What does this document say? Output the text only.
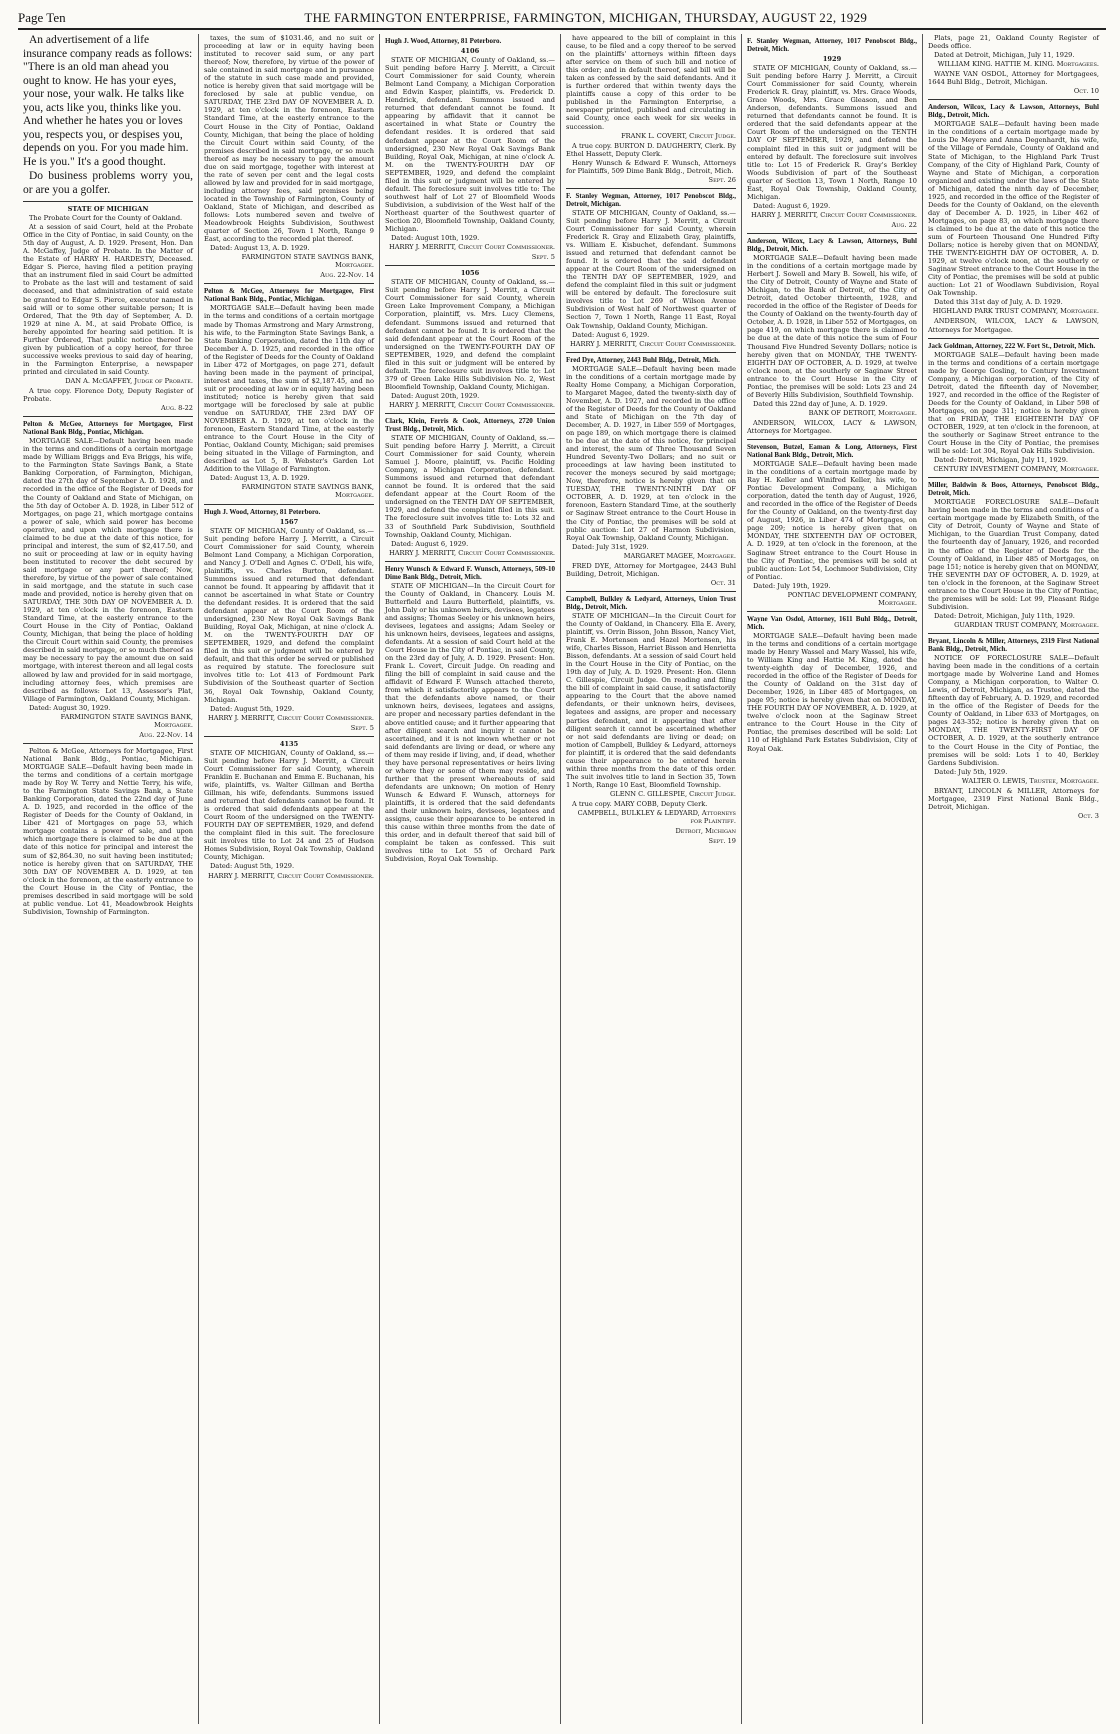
Page Ten	THE FARMINGTON ENTERPRISE, FARMINGTON, MICHIGAN, THURSDAY, AUGUST 22, 1929

An advertisement of a life insurance company reads as follows: "There is an old man ahead you ought to know. He has your eyes, your nose, your walk. He talks like you, acts like you, thinks like you. And whether he hates you or loves you, respects you, or despises you, depends on you. For you made him. He is you." It's a good thought.

Do business problems worry you, or are you a golfer.

STATE OF MICHIGAN

The Probate Court for the County of Oakland.

At a session of said Court, held at the Probate Office in the City of Pontiac, in said County, on the 5th day of August, A. D. 1929. Present, Hon. Dan A. McGaffey, Judge of Probate. In the Matter of the Estate of HARRY H. HARDESTY, Deceased. Edgar S. Pierce, having filed a petition praying that an instrument filed in said Court be admitted to Probate as the last will and testament of said deceased, and that administration of said estate be granted to Edgar S. Pierce, executor named in said will or to some other suitable person; It is Ordered, That the 9th day of September, A. D. 1929 at nine A. M., at said Probate Office, is hereby appointed for hearing said petition. It is Further Ordered, That public notice thereof be given by publication of a copy hereof, for three successive weeks previous to said day of hearing, in the Farmington Enterprise, a newspaper printed and circulated in said County.

DAN A. McGAFFEY, Judge of Probate.

A true copy. Florence Doty, Deputy Register of Probate.

Aug. 8-22
Pelton & McGee, Attorneys for Mortgagee, First National Bank Bldg., Pontiac, Michigan.

MORTGAGE SALE—Default having been made in the terms and conditions of a certain mortgage made by William Briggs and Eva Briggs, his wife, to the Farmington State Savings Bank, a State Banking Corporation, of Farmington, Michigan, dated the 27th day of September A. D. 1928, and recorded in the office of the Register of Deeds for the County of Oakland and State of Michigan, on the 5th day of October A. D. 1928, in Liber 512 of Mortgages, on page 21, which mortgage contains a power of sale, which said power has become operative, and upon which mortgage there is claimed to be due at the date of this notice, for principal and interest, the sum of $2,417.50, and no suit or proceeding at law or in equity having been instituted to recover the debt secured by said mortgage or any part thereof; Now, therefore, by virtue of the power of sale contained in said mortgage, and the statute in such case made and provided, notice is hereby given that on SATURDAY, THE 30th DAY OF NOVEMBER A. D. 1929, at ten o'clock in the forenoon, Eastern Standard Time, at the easterly entrance to the Court House in the City of Pontiac, Oakland County, Michigan, that being the place of holding the Circuit Court within said County, the premises described in said mortgage, or so much thereof as may be necessary to pay the amount due on said mortgage, with interest thereon and all legal costs allowed by law and provided for in said mortgage, including attorney fees, which premises are described as follows: Lot 13, Assessor's Plat, Village of Farmington, Oakland County, Michigan.

Dated: August 30, 1929.

FARMINGTON STATE SAVINGS BANK, Mortgagee.
Aug. 22-Nov. 14

Pelton & McGee, Attorneys for Mortgagee, First National Bank Bldg., Pontiac, Michigan. MORTGAGE SALE—Default having been made in the terms and conditions of a certain mortgage made by Roy W. Terry and Nettie Terry, his wife, to the Farmington State Savings Bank, a State Banking Corporation, dated the 22nd day of June A. D. 1925, and recorded in the office of the Register of Deeds for the County of Oakland, in Liber 421 of Mortgages on page 53, which mortgage contains a power of sale, and upon which mortgage there is claimed to be due at the date of this notice for principal and interest the sum of $2,864.30, no suit having been instituted; notice is hereby given that on SATURDAY, THE 30th DAY OF NOVEMBER A. D. 1929, at ten o'clock in the forenoon, at the easterly entrance to the Court House in the City of Pontiac, the premises described in said mortgage will be sold at public vendue. Lot 41, Meadowbrook Heights Subdivision, Township of Farmington.

taxes, the sum of $1031.46, and no suit or proceeding at law or in equity having been instituted to recover said sum, or any part thereof; Now, therefore, by virtue of the power of sale contained in said mortgage and in pursuance of the statute in such case made and provided, notice is hereby given that said mortgage will be foreclosed by sale at public vendue, on SATURDAY, THE 23rd DAY OF NOVEMBER A. D. 1929, at ten o'clock in the forenoon, Eastern Standard Time, at the easterly entrance to the Court House in the City of Pontiac, Oakland County, Michigan, that being the place of holding the Circuit Court within said County, of the premises described in said mortgage, or so much thereof as may be necessary to pay the amount due on said mortgage, together with interest at the rate of seven per cent and the legal costs allowed by law and provided for in said mortgage, including attorney fees, said premises being located in the Township of Farmington, County of Oakland, State of Michigan, and described as follows: Lots numbered seven and twelve of Meadowbrook Heights Subdivision, Southwest quarter of Section 26, Town 1 North, Range 9 East, according to the recorded plat thereof.

Dated: August 13, A. D. 1929.

FARMINGTON STATE SAVINGS BANK, Mortgagee.
Aug. 22-Nov. 14
Pelton & McGee, Attorneys for Mortgagee, First National Bank Bldg., Pontiac, Michigan.

MORTGAGE SALE—Default having been made in the terms and conditions of a certain mortgage made by Thomas Armstrong and Mary Armstrong, his wife, to the Farmington State Savings Bank, a State Banking Corporation, dated the 11th day of December A. D. 1925, and recorded in the office of the Register of Deeds for the County of Oakland in Liber 472 of Mortgages, on page 271, default having been made in the payment of principal, interest and taxes, the sum of $2,187.45, and no suit or proceeding at law or in equity having been instituted; notice is hereby given that said mortgage will be foreclosed by sale at public vendue on SATURDAY, THE 23rd DAY OF NOVEMBER A. D. 1929, at ten o'clock in the forenoon, Eastern Standard Time, at the easterly entrance to the Court House in the City of Pontiac, Oakland County, Michigan; said premises being situated in the Village of Farmington, and described as Lot 5, B. Webster's Garden Lot Addition to the Village of Farmington.

Dated: August 13, A. D. 1929.

FARMINGTON STATE SAVINGS BANK, Mortgagee.
Hugh J. Wood, Attorney, 81 Peterboro.
1567

STATE OF MICHIGAN, County of Oakland, ss.—Suit pending before Harry J. Merritt, a Circuit Court Commissioner for said County, wherein Belmont Land Company, a Michigan Corporation, and Nancy J. O'Dell and Agnes C. O'Dell, his wife, plaintiffs, vs. Charles Burton, defendant. Summons issued and returned that defendant cannot be found. It appearing by affidavit that it cannot be ascertained in what State or Country the defendant resides. It is ordered that the said defendant appear at the Court Room of the undersigned, 230 New Royal Oak Savings Bank Building, Royal Oak, Michigan, at nine o'clock A. M. on the TWENTY-FOURTH DAY OF SEPTEMBER, 1929, and defend the complaint filed in this suit or judgment will be entered by default, and that this order be served or published as required by statute. The foreclosure suit involves title to: Lot 413 of Fordmount Park Subdivision of the Southeast quarter of Section 36, Royal Oak Township, Oakland County, Michigan.

Dated: August 5th, 1929.

HARRY J. MERRITT, Circuit Court Commissioner.
Sept. 5
4135

STATE OF MICHIGAN, County of Oakland, ss.—Suit pending before Harry J. Merritt, a Circuit Court Commissioner for said County, wherein Franklin E. Buchanan and Emma E. Buchanan, his wife, plaintiffs, vs. Walter Gillman and Bertha Gillman, his wife, defendants. Summons issued and returned that defendants cannot be found. It is ordered that said defendants appear at the Court Room of the undersigned on the TWENTY-FOURTH DAY OF SEPTEMBER, 1929, and defend the complaint filed in this suit. The foreclosure suit involves title to Lot 24 and 25 of Hudson Homes Subdivision, Royal Oak Township, Oakland County, Michigan.

Dated: August 5th, 1929.

HARRY J. MERRITT, Circuit Court Commissioner.
Hugh J. Wood, Attorney, 81 Peterboro.
4106

STATE OF MICHIGAN, County of Oakland, ss.—Suit pending before Harry J. Merritt, a Circuit Court Commissioner for said County, wherein Belmont Land Company, a Michigan Corporation and Edwin Kasper, plaintiffs, vs. Frederick D. Hendrick, defendant. Summons issued and returned that defendant cannot be found. It appearing by affidavit that it cannot be ascertained in what State or Country the defendant resides. It is ordered that said defendant appear at the Court Room of the undersigned, 230 New Royal Oak Savings Bank Building, Royal Oak, Michigan, at nine o'clock A. M. on the TWENTY-FOURTH DAY OF SEPTEMBER, 1929, and defend the complaint filed in this suit or judgment will be entered by default. The foreclosure suit involves title to: The southwest half of Lot 27 of Bloomfield Woods Subdivision, a subdivision of the West half of the Northeast quarter of the Southwest quarter of Section 20, Bloomfield Township, Oakland County, Michigan.

Dated: August 10th, 1929.

HARRY J. MERRITT, Circuit Court Commissioner.
Sept. 5
1056

STATE OF MICHIGAN, County of Oakland, ss.—Suit pending before Harry J. Merritt, a Circuit Court Commissioner for said County, wherein Green Lake Improvement Company, a Michigan Corporation, plaintiff, vs. Mrs. Lucy Clemens, defendant. Summons issued and returned that defendant cannot be found. It is ordered that the said defendant appear at the Court Room of the undersigned on the TWENTY-FOURTH DAY OF SEPTEMBER, 1929, and defend the complaint filed in this suit or judgment will be entered by default. The foreclosure suit involves title to: Lot 379 of Green Lake Hills Subdivision No. 2, West Bloomfield Township, Oakland County, Michigan.

Dated: August 20th, 1929.

HARRY J. MERRITT, Circuit Court Commissioner.
Clark, Klein, Ferris & Cook, Attorneys, 2720 Union Trust Bldg., Detroit, Mich.

STATE OF MICHIGAN, County of Oakland, ss.—Suit pending before Harry J. Merritt, a Circuit Court Commissioner for said County, wherein Samuel J. Moore, plaintiff, vs. Pacific Holding Company, a Michigan Corporation, defendant. Summons issued and returned that defendant cannot be found. It is ordered that the said defendant appear at the Court Room of the undersigned on the TENTH DAY OF SEPTEMBER, 1929, and defend the complaint filed in this suit. The foreclosure suit involves title to: Lots 32 and 33 of Southfield Park Subdivision, Southfield Township, Oakland County, Michigan.

Dated: August 6, 1929.

HARRY J. MERRITT, Circuit Court Commissioner.
Henry Wunsch & Edward F. Wunsch, Attorneys, 509-10 Dime Bank Bldg., Detroit, Mich.

STATE OF MICHIGAN—In the Circuit Court for the County of Oakland, in Chancery. Louis M. Butterfield and Laura Butterfield, plaintiffs, vs. John Daly or his unknown heirs, devisees, legatees and assigns; Thomas Seeley or his unknown heirs, devisees, legatees and assigns; Adam Seeley or his unknown heirs, devisees, legatees and assigns, defendants. At a session of said Court held at the Court House in the City of Pontiac, in said County, on the 23rd day of July, A. D. 1929. Present: Hon. Frank L. Covert, Circuit Judge. On reading and filing the bill of complaint in said cause and the affidavit of Edward F. Wunsch attached thereto, from which it satisfactorily appears to the Court that the defendants above named, or their unknown heirs, devisees, legatees and assigns, are proper and necessary parties defendant in the above entitled cause; and it further appearing that after diligent search and inquiry it cannot be ascertained, and it is not known whether or not said defendants are living or dead, or where any of them may reside if living, and, if dead, whether they have personal representatives or heirs living or where they or some of them may reside, and further that the present whereabouts of said defendants are unknown; On motion of Henry Wunsch & Edward F. Wunsch, attorneys for plaintiffs, it is ordered that the said defendants and their unknown heirs, devisees, legatees and assigns, cause their appearance to be entered in this cause within three months from the date of this order, and in default thereof that said bill of complaint be taken as confessed. This suit involves title to Lot 55 of Orchard Park Subdivision, Royal Oak Township.

have appeared to the bill of complaint in this cause, to be filed and a copy thereof to be served on the plaintiffs' attorneys within fifteen days after service on them of such bill and notice of this order; and in default thereof, said bill will be taken as confessed by the said defendants. And it is further ordered that within twenty days the plaintiffs cause a copy of this order to be published in the Farmington Enterprise, a newspaper printed, published and circulating in said County, once each week for six weeks in succession.

FRANK L. COVERT, Circuit Judge.

A true copy. BURTON D. DAUGHERTY, Clerk. By Ethel Hassett, Deputy Clerk.

Henry Wunsch & Edward F. Wunsch, Attorneys for Plaintiffs, 509 Dime Bank Bldg., Detroit, Mich.

Sept. 26
F. Stanley Wegman, Attorney, 1017 Penobscot Bldg., Detroit, Michigan.

STATE OF MICHIGAN, County of Oakland, ss.—Suit pending before Harry J. Merritt, a Circuit Court Commissioner for said County, wherein Frederick R. Gray and Elizabeth Gray, plaintiffs, vs. William E. Kisbuchet, defendant. Summons issued and returned that defendant cannot be found. It is ordered that the said defendant appear at the Court Room of the undersigned on the TENTH DAY OF SEPTEMBER, 1929, and defend the complaint filed in this suit or judgment will be entered by default. The foreclosure suit involves title to Lot 269 of Wilson Avenue Subdivision of West half of Northwest quarter of Section 7, Town 1 North, Range 11 East, Royal Oak Township, Oakland County, Michigan.

Dated: August 6, 1929.

HARRY J. MERRITT, Circuit Court Commissioner.
Fred Dye, Attorney, 2443 Buhl Bldg., Detroit, Mich.

MORTGAGE SALE—Default having been made in the conditions of a certain mortgage made by Realty Home Company, a Michigan Corporation, to Margaret Magee, dated the twenty-sixth day of November, A. D. 1927, and recorded in the office of the Register of Deeds for the County of Oakland and State of Michigan on the 7th day of December, A. D. 1927, in Liber 559 of Mortgages, on page 189, on which mortgage there is claimed to be due at the date of this notice, for principal and interest, the sum of Three Thousand Seven Hundred Seventy-Two Dollars; and no suit or proceedings at law having been instituted to recover the moneys secured by said mortgage; Now, therefore, notice is hereby given that on TUESDAY, THE TWENTY-NINTH DAY OF OCTOBER, A. D. 1929, at ten o'clock in the forenoon, Eastern Standard Time, at the southerly or Saginaw Street entrance to the Court House in the City of Pontiac, the premises will be sold at public auction: Lot 27 of Harmon Subdivision, Royal Oak Township, Oakland County, Michigan.

Dated: July 31st, 1929.

MARGARET MAGEE, Mortgagee.

FRED DYE, Attorney for Mortgagee, 2443 Buhl Building, Detroit, Michigan.

Oct. 31
Campbell, Bulkley & Ledyard, Attorneys, Union Trust Bldg., Detroit, Mich.

STATE OF MICHIGAN—In the Circuit Court for the County of Oakland, in Chancery. Ella E. Avery, plaintiff, vs. Orrin Bisson, John Bisson, Nancy Viet, Frank E. Mortensen and Hazel Mortensen, his wife, Charles Bisson, Harriet Bisson and Henrietta Bisson, defendants. At a session of said Court held in the Court House in the City of Pontiac, on the 19th day of July, A. D. 1929. Present: Hon. Glenn C. Gillespie, Circuit Judge. On reading and filing the bill of complaint in said cause, it satisfactorily appearing to the Court that the above named defendants, or their unknown heirs, devisees, legatees and assigns, are proper and necessary parties defendant, and it appearing that after diligent search it cannot be ascertained whether or not said defendants are living or dead; on motion of Campbell, Bulkley & Ledyard, attorneys for plaintiff, it is ordered that the said defendants cause their appearance to be entered herein within three months from the date of this order. The suit involves title to land in Section 35, Town 1 North, Range 10 East, Bloomfield Township.

GLENN C. GILLESPIE, Circuit Judge.

A true copy. MARY COBB, Deputy Clerk.

CAMPBELL, BULKLEY & LEDYARD, Attorneys for Plaintiff.
Detroit, Michigan
Sept. 19
F. Stanley Wegman, Attorney, 1017 Penobscot Bldg., Detroit, Mich.
1929

STATE OF MICHIGAN, County of Oakland, ss.—Suit pending before Harry J. Merritt, a Circuit Court Commissioner for said County, wherein Frederick R. Gray, plaintiff, vs. Mrs. Grace Woods, Grace Woods, Mrs. Grace Gleason, and Ben Anderson, defendants. Summons issued and returned that defendants cannot be found. It is ordered that the said defendants appear at the Court Room of the undersigned on the TENTH DAY OF SEPTEMBER, 1929, and defend the complaint filed in this suit or judgment will be entered by default. The foreclosure suit involves title to: Lot 15 of Frederick R. Gray's Berkley Woods Subdivision of part of the Southeast quarter of Section 13, Town 1 North, Range 10 East, Royal Oak Township, Oakland County, Michigan.

Dated: August 6, 1929.

HARRY J. MERRITT, Circuit Court Commissioner.
Aug. 22
Anderson, Wilcox, Lacy & Lawson, Attorneys, Buhl Bldg., Detroit, Mich.

MORTGAGE SALE—Default having been made in the conditions of a certain mortgage made by Herbert J. Sowell and Mary B. Sowell, his wife, of the City of Detroit, County of Wayne and State of Michigan, to the Bank of Detroit, of the City of Detroit, dated October thirteenth, 1928, and recorded in the office of the Register of Deeds for the County of Oakland on the twenty-fourth day of October, A. D. 1928, in Liber 552 of Mortgages, on page 419, on which mortgage there is claimed to be due at the date of this notice the sum of Four Thousand Five Hundred Seventy Dollars; notice is hereby given that on MONDAY, THE TWENTY-EIGHTH DAY OF OCTOBER, A. D. 1929, at twelve o'clock noon, at the southerly or Saginaw Street entrance to the Court House in the City of Pontiac, the premises will be sold: Lots 23 and 24 of Beverly Hills Subdivision, Southfield Township.

Dated this 22nd day of June, A. D. 1929.

BANK OF DETROIT, Mortgagee.

ANDERSON, WILCOX, LACY & LAWSON, Attorneys for Mortgagee.

Stevenson, Butzel, Eaman & Long, Attorneys, First National Bank Bldg., Detroit, Mich.

MORTGAGE SALE—Default having been made in the conditions of a certain mortgage made by Ray H. Keller and Winifred Keller, his wife, to Pontiac Development Company, a Michigan corporation, dated the tenth day of August, 1926, and recorded in the office of the Register of Deeds for the County of Oakland, on the twenty-first day of August, 1926, in Liber 474 of Mortgages, on page 209; notice is hereby given that on MONDAY, THE SIXTEENTH DAY OF OCTOBER, A. D. 1929, at ten o'clock in the forenoon, at the Saginaw Street entrance to the Court House in the City of Pontiac, the premises will be sold at public auction: Lot 54, Lochmoor Subdivision, City of Pontiac.

Dated: July 19th, 1929.

PONTIAC DEVELOPMENT COMPANY, Mortgagee.
Wayne Van Osdol, Attorney, 1611 Buhl Bldg., Detroit, Mich.

MORTGAGE SALE—Default having been made in the terms and conditions of a certain mortgage made by Henry Wassel and Mary Wassel, his wife, to William King and Hattie M. King, dated the twenty-eighth day of December, 1926, and recorded in the office of the Register of Deeds for the County of Oakland on the 31st day of December, 1926, in Liber 485 of Mortgages, on page 95; notice is hereby given that on MONDAY, THE FOURTH DAY OF NOVEMBER, A. D. 1929, at twelve o'clock noon at the Saginaw Street entrance to the Court House in the City of Pontiac, the premises described will be sold: Lot 110 of Highland Park Estates Subdivision, City of Royal Oak.

Plats, page 21, Oakland County Register of Deeds office.

Dated at Detroit, Michigan, July 11, 1929.

WILLIAM KING. HATTIE M. KING. Mortgagees.

WAYNE VAN OSDOL, Attorney for Mortgagees, 1644 Buhl Bldg., Detroit, Michigan.

Oct. 10
Anderson, Wilcox, Lacy & Lawson, Attorneys, Buhl Bldg., Detroit, Mich.

MORTGAGE SALE—Default having been made in the conditions of a certain mortgage made by Louis De Meyere and Anna Degenhardt, his wife, of the Village of Ferndale, County of Oakland and State of Michigan, to the Highland Park Trust Company, of the City of Highland Park, County of Wayne and State of Michigan, a corporation organized and existing under the laws of the State of Michigan, dated the ninth day of December, 1925, and recorded in the office of the Register of Deeds for the County of Oakland, on the eleventh day of December A. D. 1925, in Liber 462 of Mortgages, on page 83, on which mortgage there is claimed to be due at the date of this notice the sum of Fourteen Thousand One Hundred Fifty Dollars; notice is hereby given that on MONDAY, THE TWENTY-EIGHTH DAY OF OCTOBER, A. D. 1929, at twelve o'clock noon, at the southerly or Saginaw Street entrance to the Court House in the City of Pontiac, the premises will be sold at public auction: Lot 21 of Woodlawn Subdivision, Royal Oak Township.

Dated this 31st day of July, A. D. 1929.

HIGHLAND PARK TRUST COMPANY, Mortgagee.

ANDERSON, WILCOX, LACY & LAWSON, Attorneys for Mortgagee.

Jack Goldman, Attorney, 222 W. Fort St., Detroit, Mich.

MORTGAGE SALE—Default having been made in the terms and conditions of a certain mortgage made by George Gosling, to Century Investment Company, a Michigan corporation, of the City of Detroit, dated the fifteenth day of November, 1927, and recorded in the office of the Register of Deeds for the County of Oakland, in Liber 598 of Mortgages, on page 311; notice is hereby given that on FRIDAY, THE EIGHTEENTH DAY OF OCTOBER, 1929, at ten o'clock in the forenoon, at the southerly or Saginaw Street entrance to the Court House in the City of Pontiac, the premises will be sold: Lot 304, Royal Oak Hills Subdivision.

Dated: Detroit, Michigan, July 11, 1929.

CENTURY INVESTMENT COMPANY, Mortgagee.
Miller, Baldwin & Boos, Attorneys, Penobscot Bldg., Detroit, Mich.

MORTGAGE FORECLOSURE SALE—Default having been made in the terms and conditions of a certain mortgage made by Elizabeth Smith, of the City of Detroit, County of Wayne and State of Michigan, to the Guardian Trust Company, dated the fourteenth day of January, 1926, and recorded in the office of the Register of Deeds for the County of Oakland, in Liber 485 of Mortgages, on page 151; notice is hereby given that on MONDAY, THE SEVENTH DAY OF OCTOBER, A. D. 1929, at ten o'clock in the forenoon, at the Saginaw Street entrance to the Court House in the City of Pontiac, the premises will be sold: Lot 99, Pleasant Ridge Subdivision.

Dated: Detroit, Michigan, July 11th, 1929.

GUARDIAN TRUST COMPANY, Mortgagee.
Bryant, Lincoln & Miller, Attorneys, 2319 First National Bank Bldg., Detroit, Mich.

NOTICE OF FORECLOSURE SALE—Default having been made in the conditions of a certain mortgage made by Wolverine Land and Homes Company, a Michigan corporation, to Walter O. Lewis, of Detroit, Michigan, as Trustee, dated the fifteenth day of February, A. D. 1929, and recorded in the office of the Register of Deeds for the County of Oakland, in Liber 633 of Mortgages, on pages 243-352; notice is hereby given that on MONDAY, THE TWENTY-FIRST DAY OF OCTOBER, A. D. 1929, at the southerly entrance to the Court House in the City of Pontiac, the premises will be sold: Lots 1 to 40, Berkley Gardens Subdivision.

Dated: July 5th, 1929.

WALTER O. LEWIS, Trustee, Mortgagee.

BRYANT, LINCOLN & MILLER, Attorneys for Mortgagee, 2319 First National Bank Bldg., Detroit, Michigan.

Oct. 3
